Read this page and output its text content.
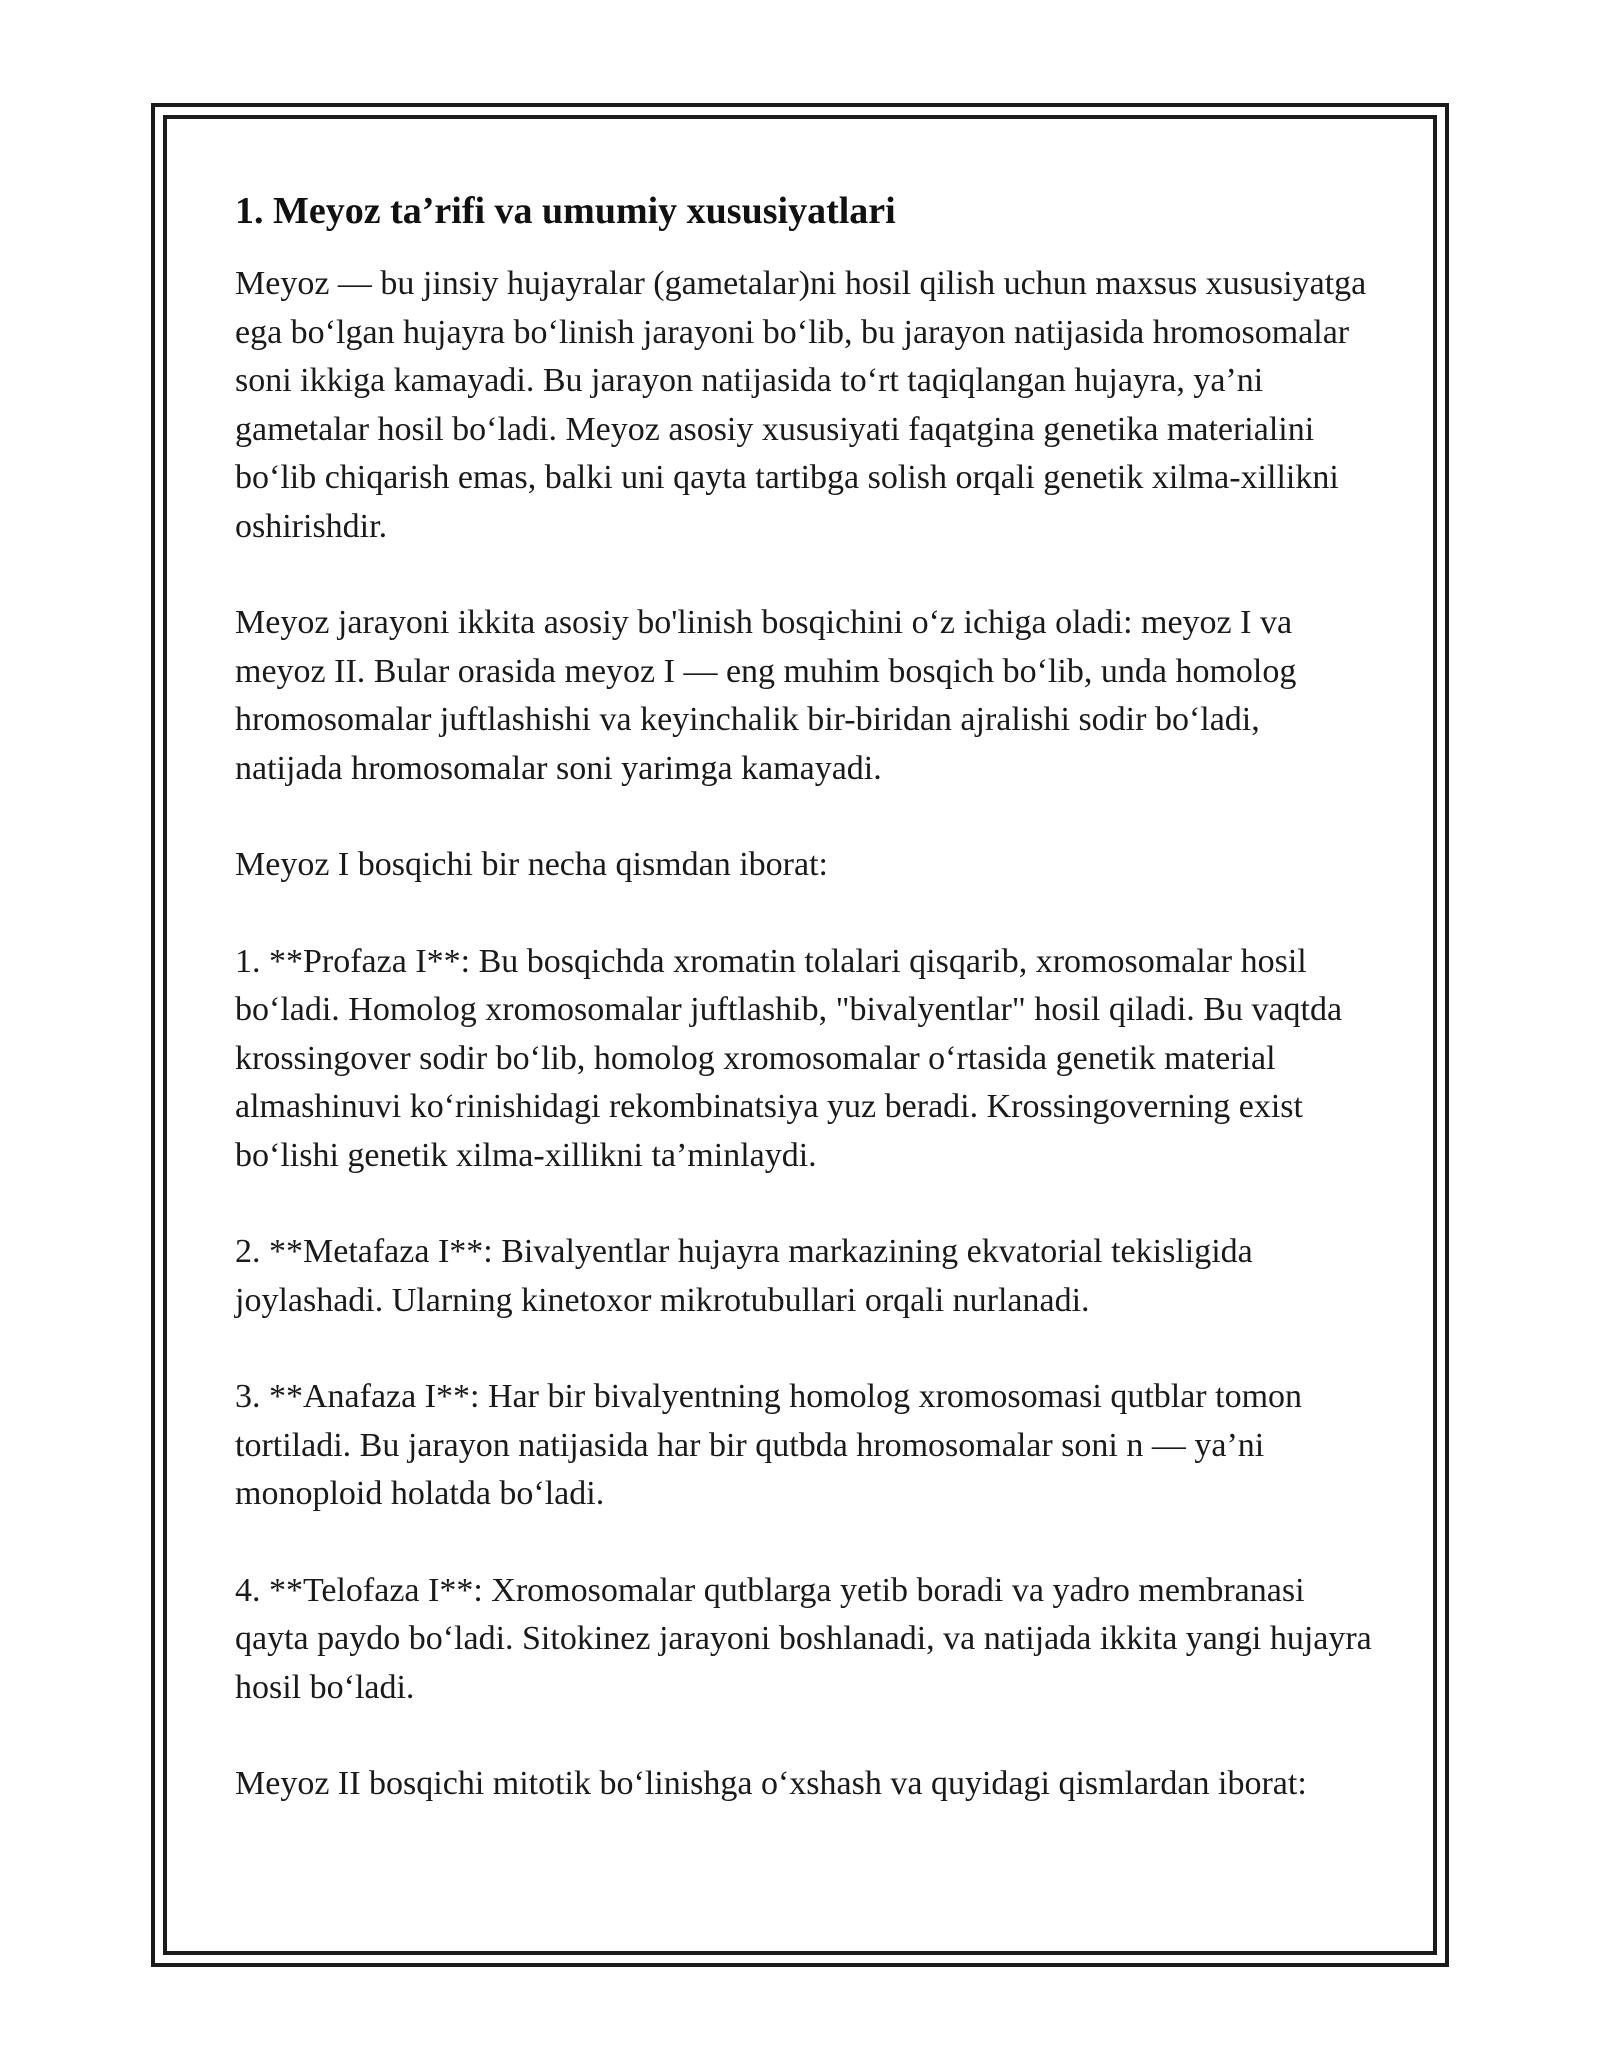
1. Meyoz ta’rifi va umumiy xususiyatlari

Meyoz — bu jinsiy hujayralar (gametalar)ni hosil qilish uchun maxsus xususiyatga ega boʻlgan hujayra boʻlinish jarayoni boʻlib, bu jarayon natijasida hromosomalar soni ikkiga kamayadi. Bu jarayon natijasida toʻrt taqiqlangan hujayra, ya’ni gametalar hosil boʻladi. Meyoz asosiy xususiyati faqatgina genetika materialini boʻlib chiqarish emas, balki uni qayta tartibga solish orqali genetik xilma-xillikni oshirishdir.

Meyoz jarayoni ikkita asosiy bo'linish bosqichini oʻz ichiga oladi: meyoz I va meyoz II. Bular orasida meyoz I — eng muhim bosqich boʻlib, unda homolog hromosomalar juftlashishi va keyinchalik bir-biridan ajralishi sodir boʻladi, natijada hromosomalar soni yarimga kamayadi.

Meyoz I bosqichi bir necha qismdan iborat:

1. **Profaza I**: Bu bosqichda xromatin tolalari qisqarib, xromosomalar hosil boʻladi. Homolog xromosomalar juftlashib, "bivalyentlar" hosil qiladi. Bu vaqtda krossingover sodir boʻlib, homolog xromosomalar oʻrtasida genetik material almashinuvi koʻrinishidagi rekombinatsiya yuz beradi. Krossingoverning exist boʻlishi genetik xilma-xillikni ta’minlaydi.

2. **Metafaza I**: Bivalyentlar hujayra markazining ekvatorial tekisligida joylashadi. Ularning kinetoxor mikrotubullari orqali nurlanadi.

3. **Anafaza I**: Har bir bivalyentning homolog xromosomasi qutblar tomon tortiladi. Bu jarayon natijasida har bir qutbda hromosomalar soni n — ya’ni monoploid holatda boʻladi.

4. **Telofaza I**: Xromosomalar qutblarga yetib boradi va yadro membranasi qayta paydo boʻladi. Sitokinez jarayoni boshlanadi, va natijada ikkita yangi hujayra hosil boʻladi.

Meyoz II bosqichi mitotik boʻlinishga oʻxshash va quyidagi qismlardan iborat:
